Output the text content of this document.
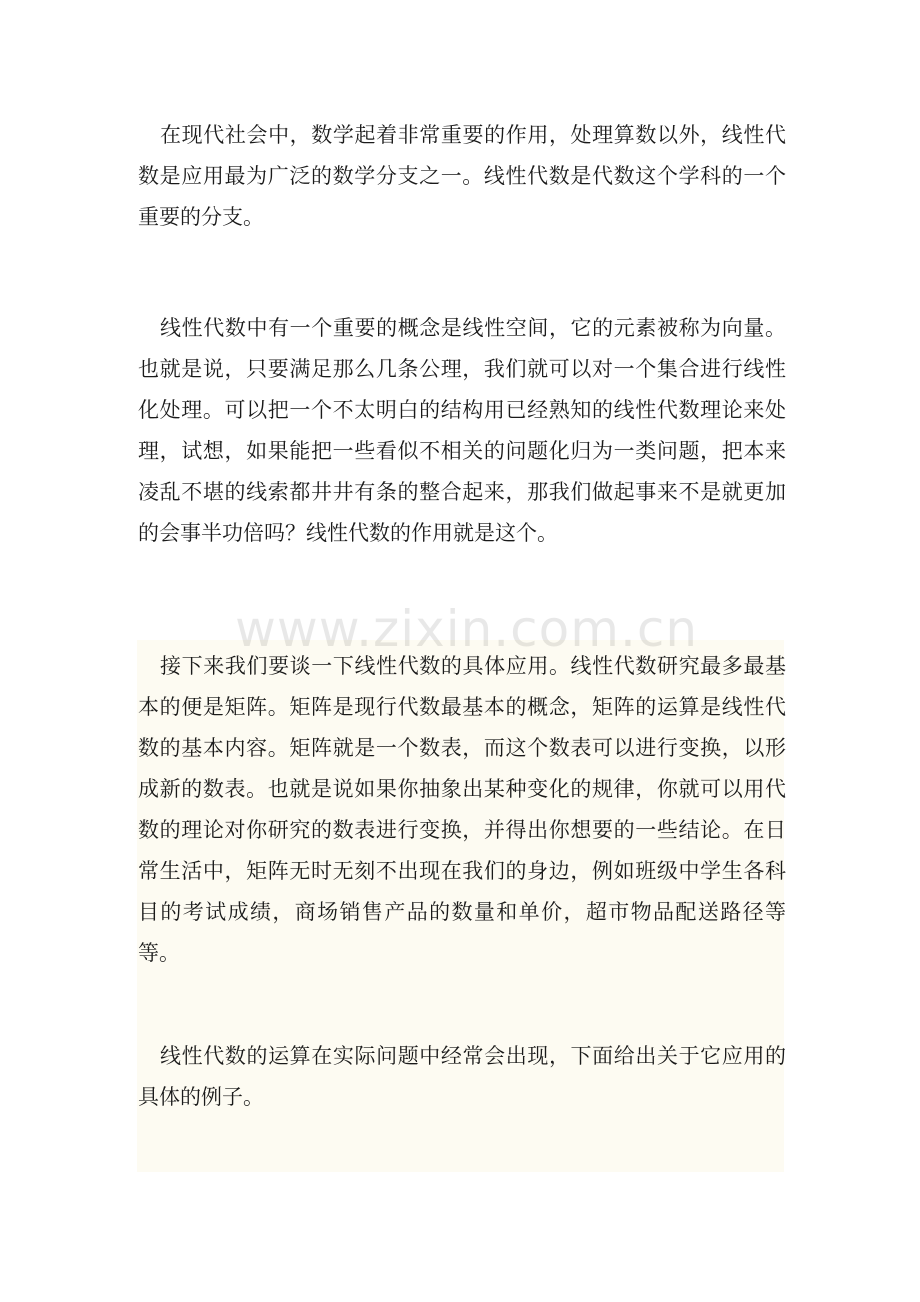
在现代社会中，数学起着非常重要的作用，处理算数以外，线性代数是应用最为广泛的数学分支之一。线性代数是代数这个学科的一个重要的分支。

线性代数中有一个重要的概念是线性空间，它的元素被称为向量。也就是说，只要满足那么几条公理，我们就可以对一个集合进行线性化处理。可以把一个不太明白的结构用已经熟知的线性代数理论来处理，试想，如果能把一些看似不相关的问题化归为一类问题，把本来凌乱不堪的线索都井井有条的整合起来，那我们做起事来不是就更加的会事半功倍吗？线性代数的作用就是这个。

接下来我们要谈一下线性代数的具体应用。线性代数研究最多最基本的便是矩阵。矩阵是现行代数最基本的概念，矩阵的运算是线性代数的基本内容。矩阵就是一个数表，而这个数表可以进行变换，以形成新的数表。也就是说如果你抽象出某种变化的规律，你就可以用代数的理论对你研究的数表进行变换，并得出你想要的一些结论。在日常生活中，矩阵无时无刻不出现在我们的身边，例如班级中学生各科目的考试成绩，商场销售产品的数量和单价，超市物品配送路径等等。

线性代数的运算在实际问题中经常会出现，下面给出关于它应用的具体的例子。

www.zixin.com.cn
